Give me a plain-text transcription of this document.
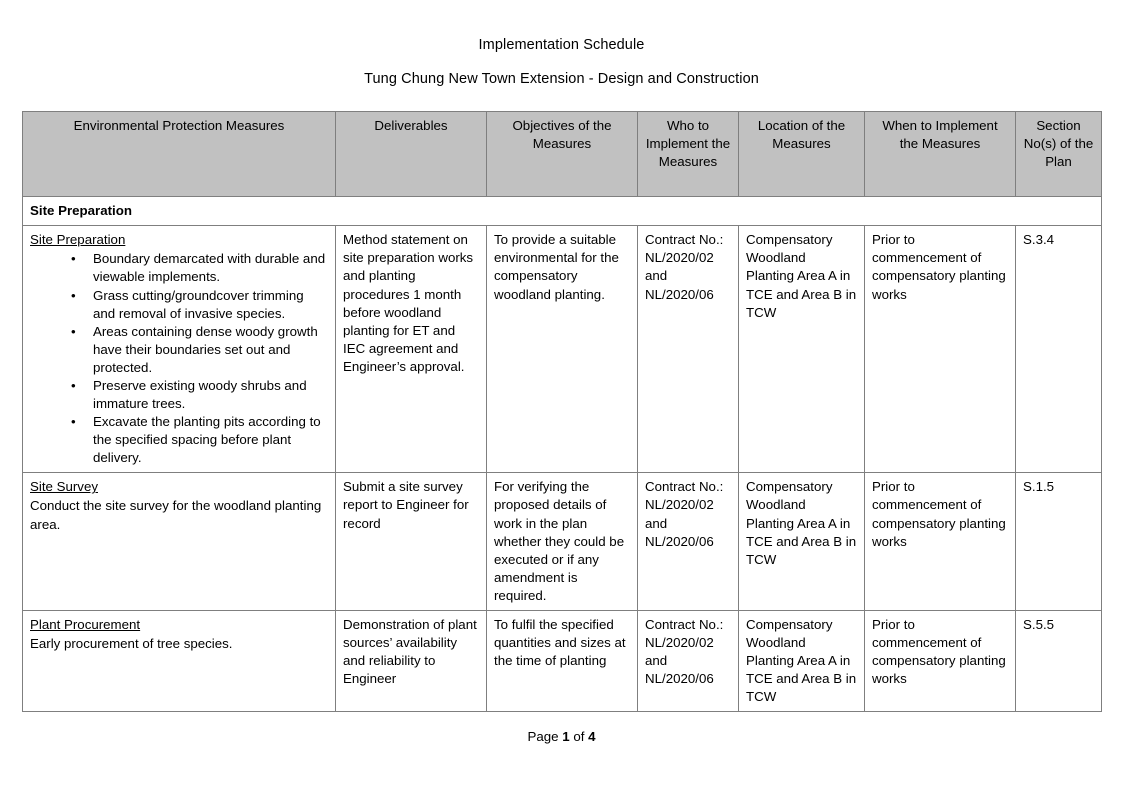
Implementation Schedule
Tung Chung New Town Extension - Design and Construction
Environmental Protection Measures	Deliverables	Objectives of the Measures	Who to Implement the Measures	Location of the Measures	When to Implement the Measures	Section No(s) of the Plan

Site Preparation						

Site Preparation
• Boundary demarcated with durable and viewable implements.
• Grass cutting/groundcover trimming and removal of invasive species.
• Areas containing dense woody growth have their boundaries set out and protected.
• Preserve existing woody shrubs and immature trees.
• Excavate the planting pits according to the specified spacing before plant delivery.
	Method statement on site preparation works and planting procedures 1 month before woodland planting for ET and IEC agreement and Engineer’s approval.	To provide a suitable environmental for the compensatory woodland planting.	Contract No.: NL/2020/02 and NL/2020/06	Compensatory Woodland Planting Area A in TCE and Area B in TCW	Prior to commencement of compensatory planting works	S.3.4

Site Survey
Conduct the site survey for the woodland planting area.	Submit a site survey report to Engineer for record	For verifying the proposed details of work in the plan whether they could be executed or if any amendment is required.	Contract No.: NL/2020/02 and NL/2020/06	Compensatory Woodland Planting Area A in TCE and Area B in TCW	Prior to commencement of compensatory planting works	S.1.5

Plant Procurement
Early procurement of tree species.	Demonstration of plant sources’ availability and reliability to Engineer	To fulfil the specified quantities and sizes at the time of planting	Contract No.: NL/2020/02 and NL/2020/06	Compensatory Woodland Planting Area A in TCE and Area B in TCW	Prior to commencement of compensatory planting works	S.5.5
Page 1 of 4
